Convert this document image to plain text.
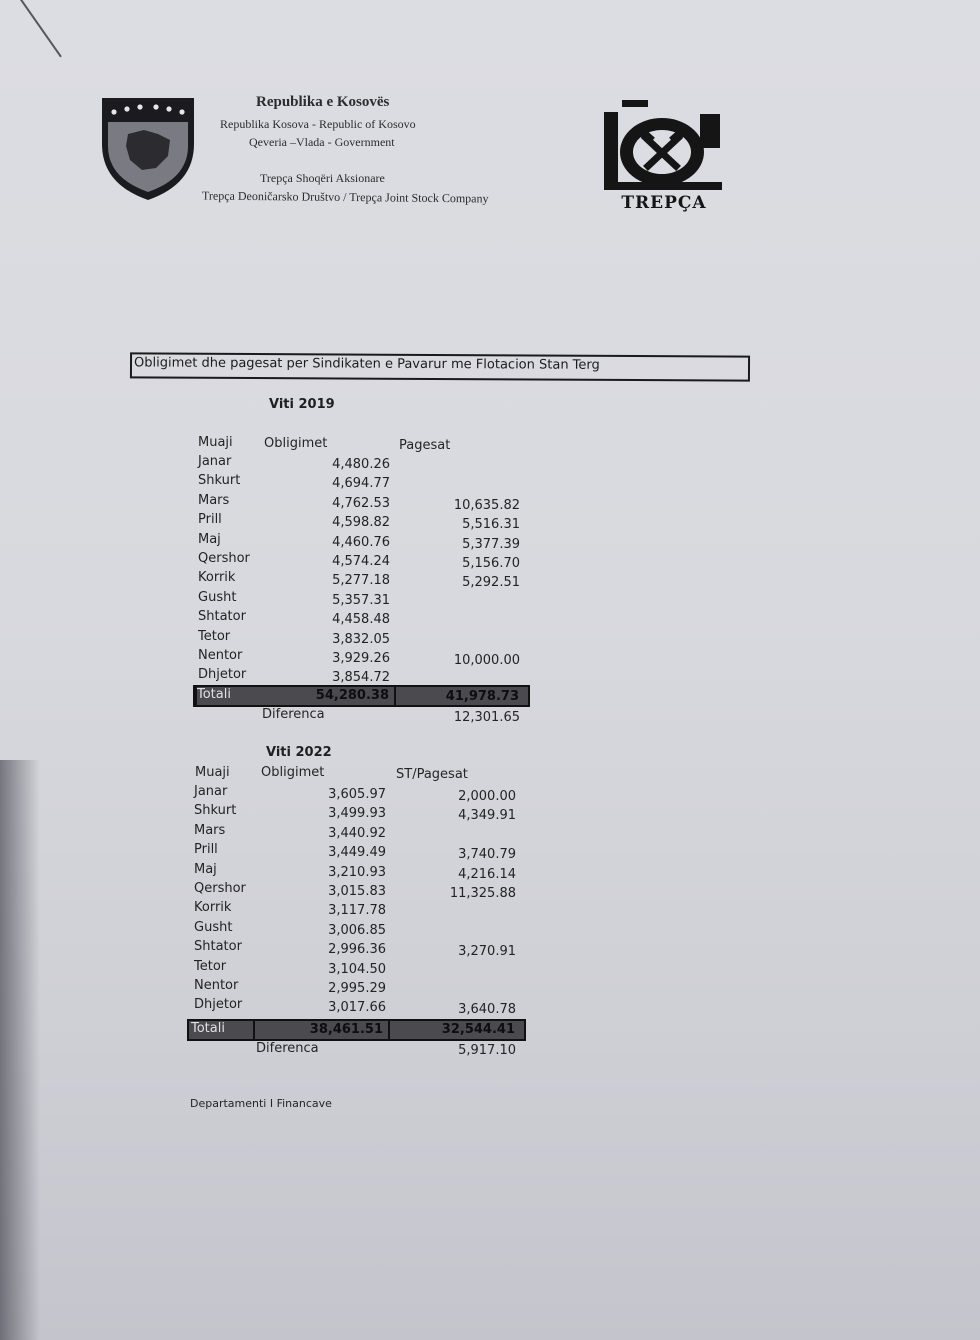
Republika e Kosovës
Republika Kosova - Republic of Kosovo
Qeveria –Vlada - Government
Trepça Shoqëri Aksionare
Trepça Deoničarsko Društvo / Trepça Joint Stock Company	TREPÇA
Obligimet dhe pagesat per Sindikaten e Pavarur me Flotacion Stan Terg
Viti 2019
Muaji Obligimet	Pagesat
Janar	4,480.26
Shkurt	4,694.77
Mars	4,762.53	10,635.82
Prill	4,598.82	5,516.31
Maj	4,460.76	5,377.39
Qershor	4,574.24	5,156.70
Korrik	5,277.18	5,292.51
Gusht	5,357.31
Shtator	4,458.48
Tetor	3,832.05
Nentor	3,929.26	10,000.00
Dhjetor	3,854.72
Totali	54,280.38	41,978.73
Diferenca	12,301.65
Viti 2022
Muaji Obligimet	ST/Pagesat
Janar	3,605.97	2,000.00
Shkurt	3,499.93	4,349.91
Mars	3,440.92
Prill	3,449.49	3,740.79
Maj	3,210.93	4,216.14
Qershor	3,015.83	11,325.88
Korrik	3,117.78
Gusht	3,006.85
Shtator	2,996.36	3,270.91
Tetor	3,104.50
Nentor	2,995.29
Dhjetor	3,017.66	3,640.78
Totali	38,461.51	32,544.41
Diferenca	5,917.10
Departamenti I Financave
